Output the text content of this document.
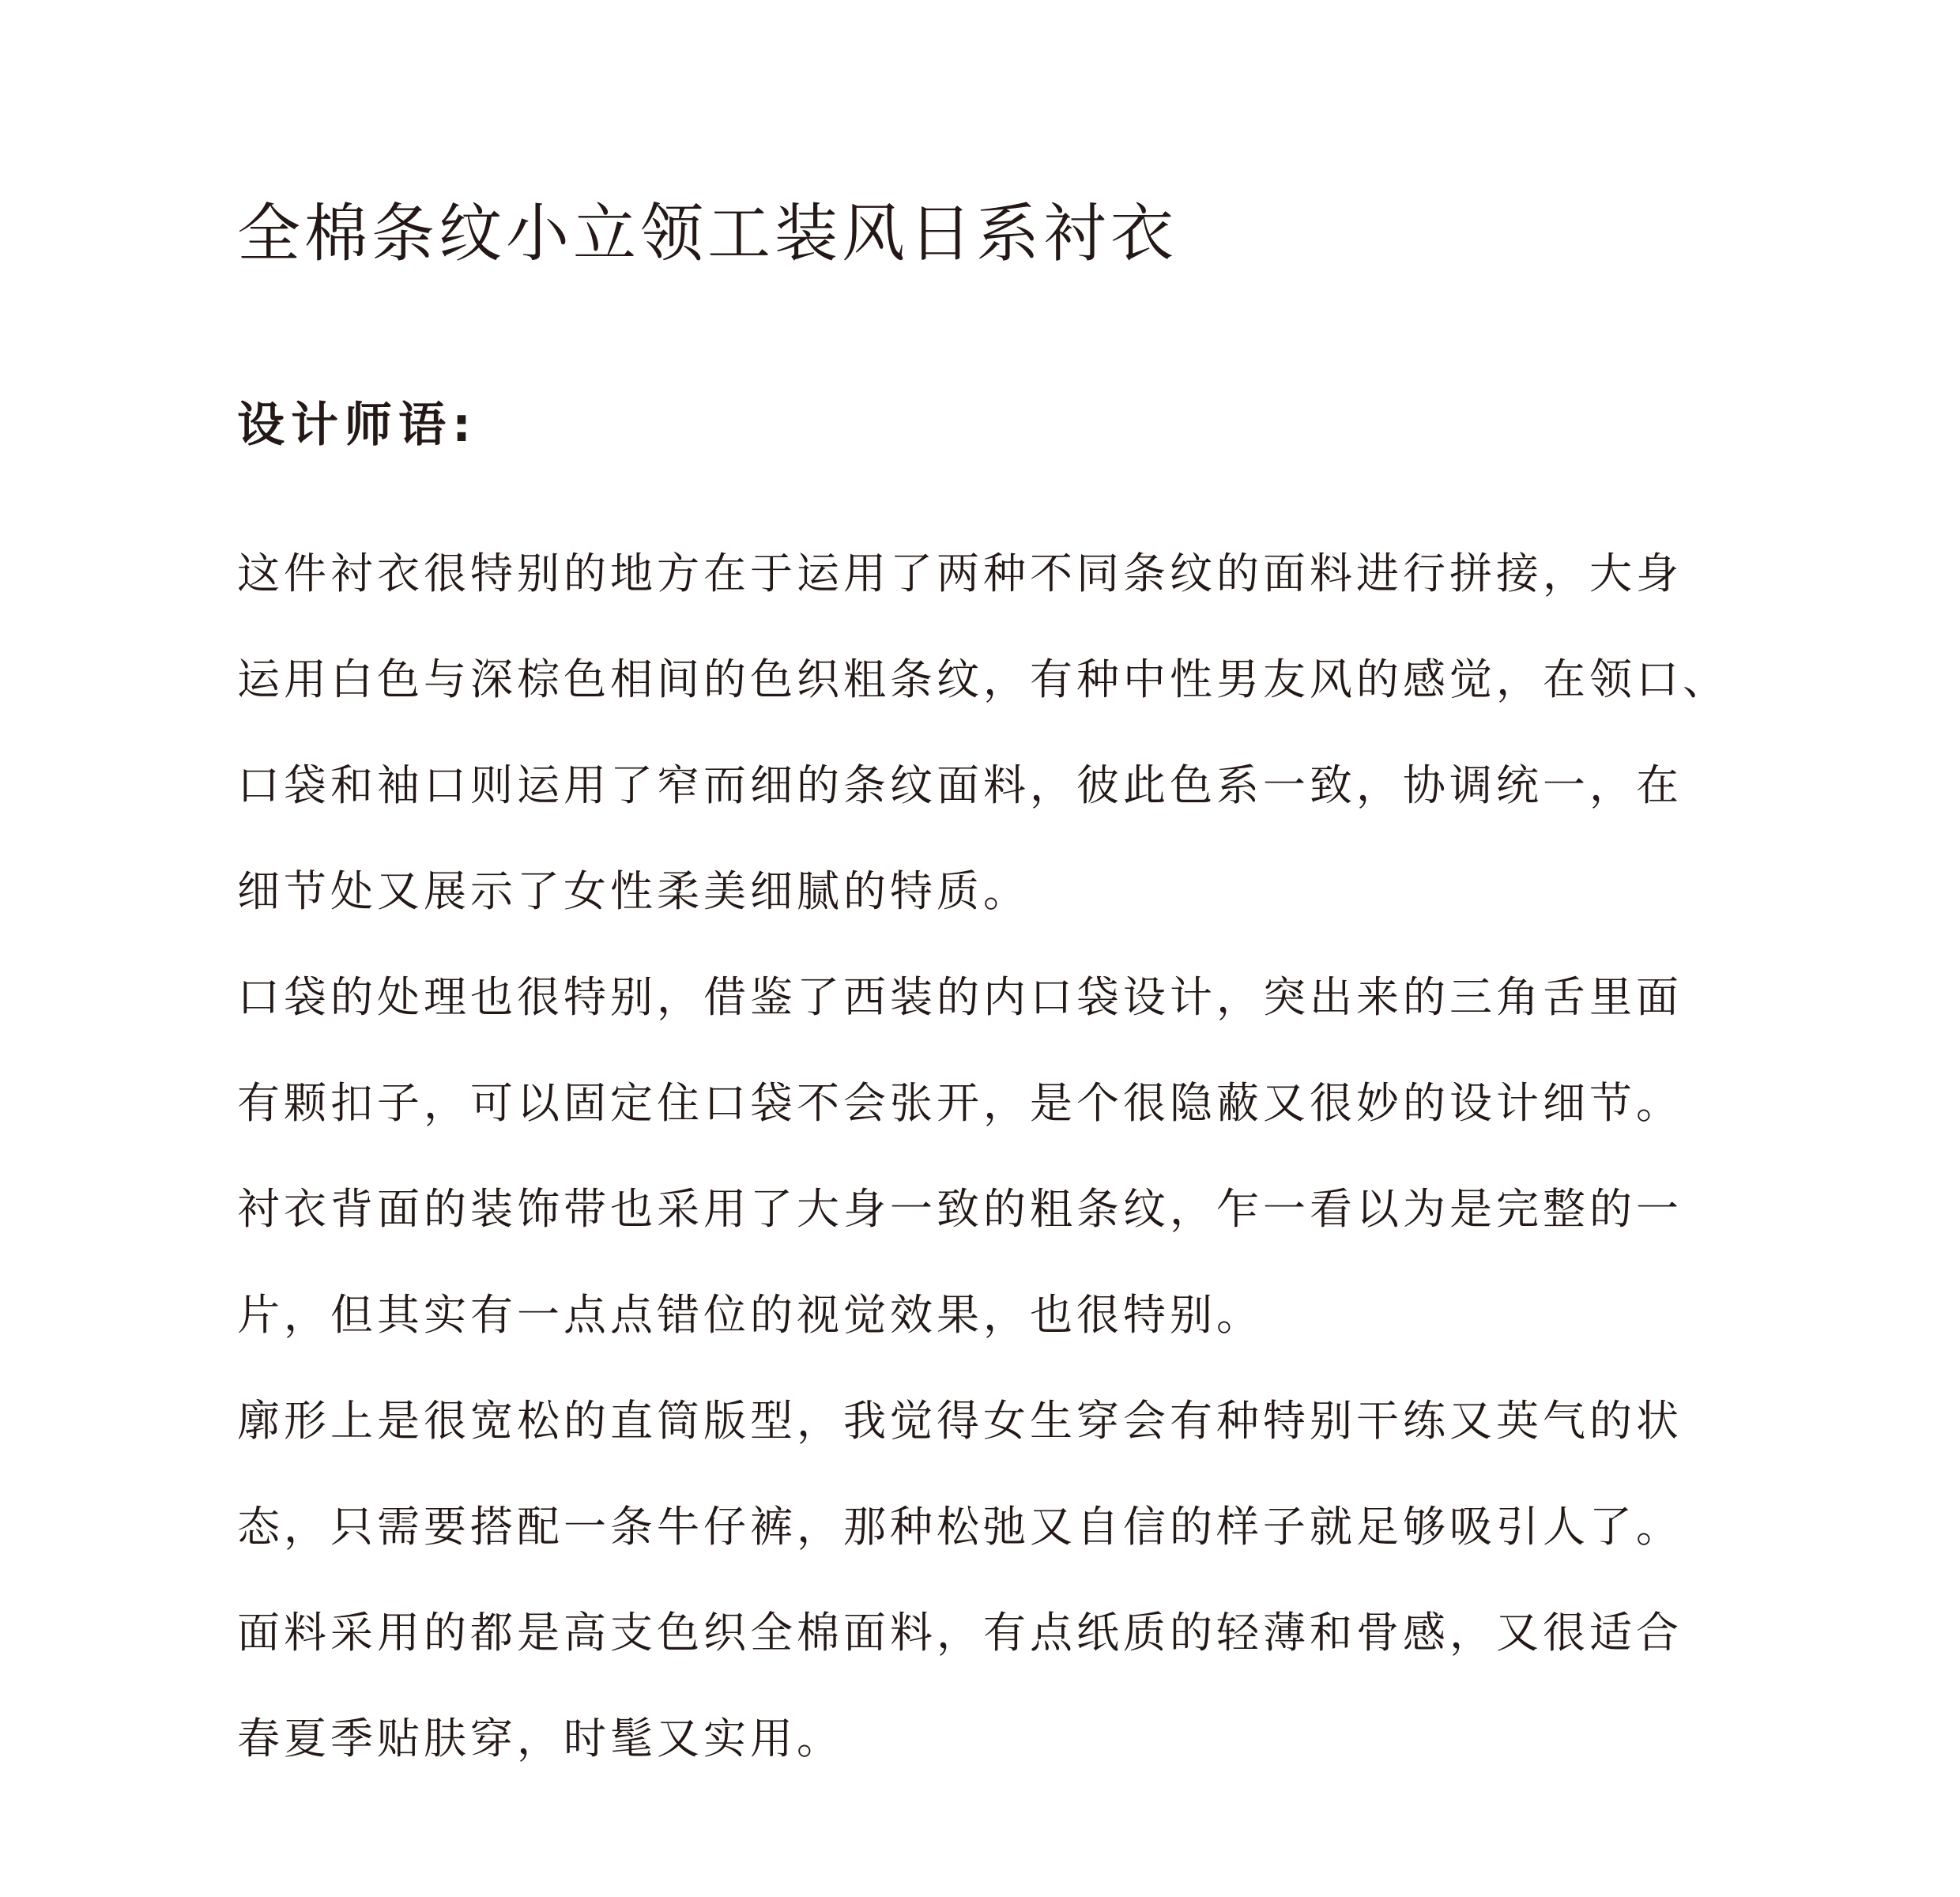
全棉条纹小立领工装风日系衬衣
设计师语:

这件衬衣很特别的地方在于运用了两种不同条纹的面料进行拼接，大身

运用白色与深棕色相间的色织粗条纹，有种中性男友风的感觉，在领口、

口袋和袖口则运用了窄而细的条纹面料，彼此色系一致，协调统一，在

细节处又展示了女性柔美细腻的特质。

口袋的处理也很特别，借鉴了西装的内口袋设计，突出来的三角舌里面

有颗扣子，可以固定住口袋不会张开，是个很隐蔽又很妙的设计细节。

衬衣背面的装饰带也采用了大身一致的粗条纹，乍一看以为是完整的一

片，但其实有一点点错位的视觉效果，也很特别。

廓形上是很宽松的直筒版型，我觉得女生穿会有种特别干练又英气的状

态，只需要搭配一条牛仔裤，那种松弛又自信的样子就足够吸引人了。

面料采用的都是高支色织全棉面料，有点纸质的轻薄和骨感，又很适合

春夏季贴肤穿，时髦又实用。
